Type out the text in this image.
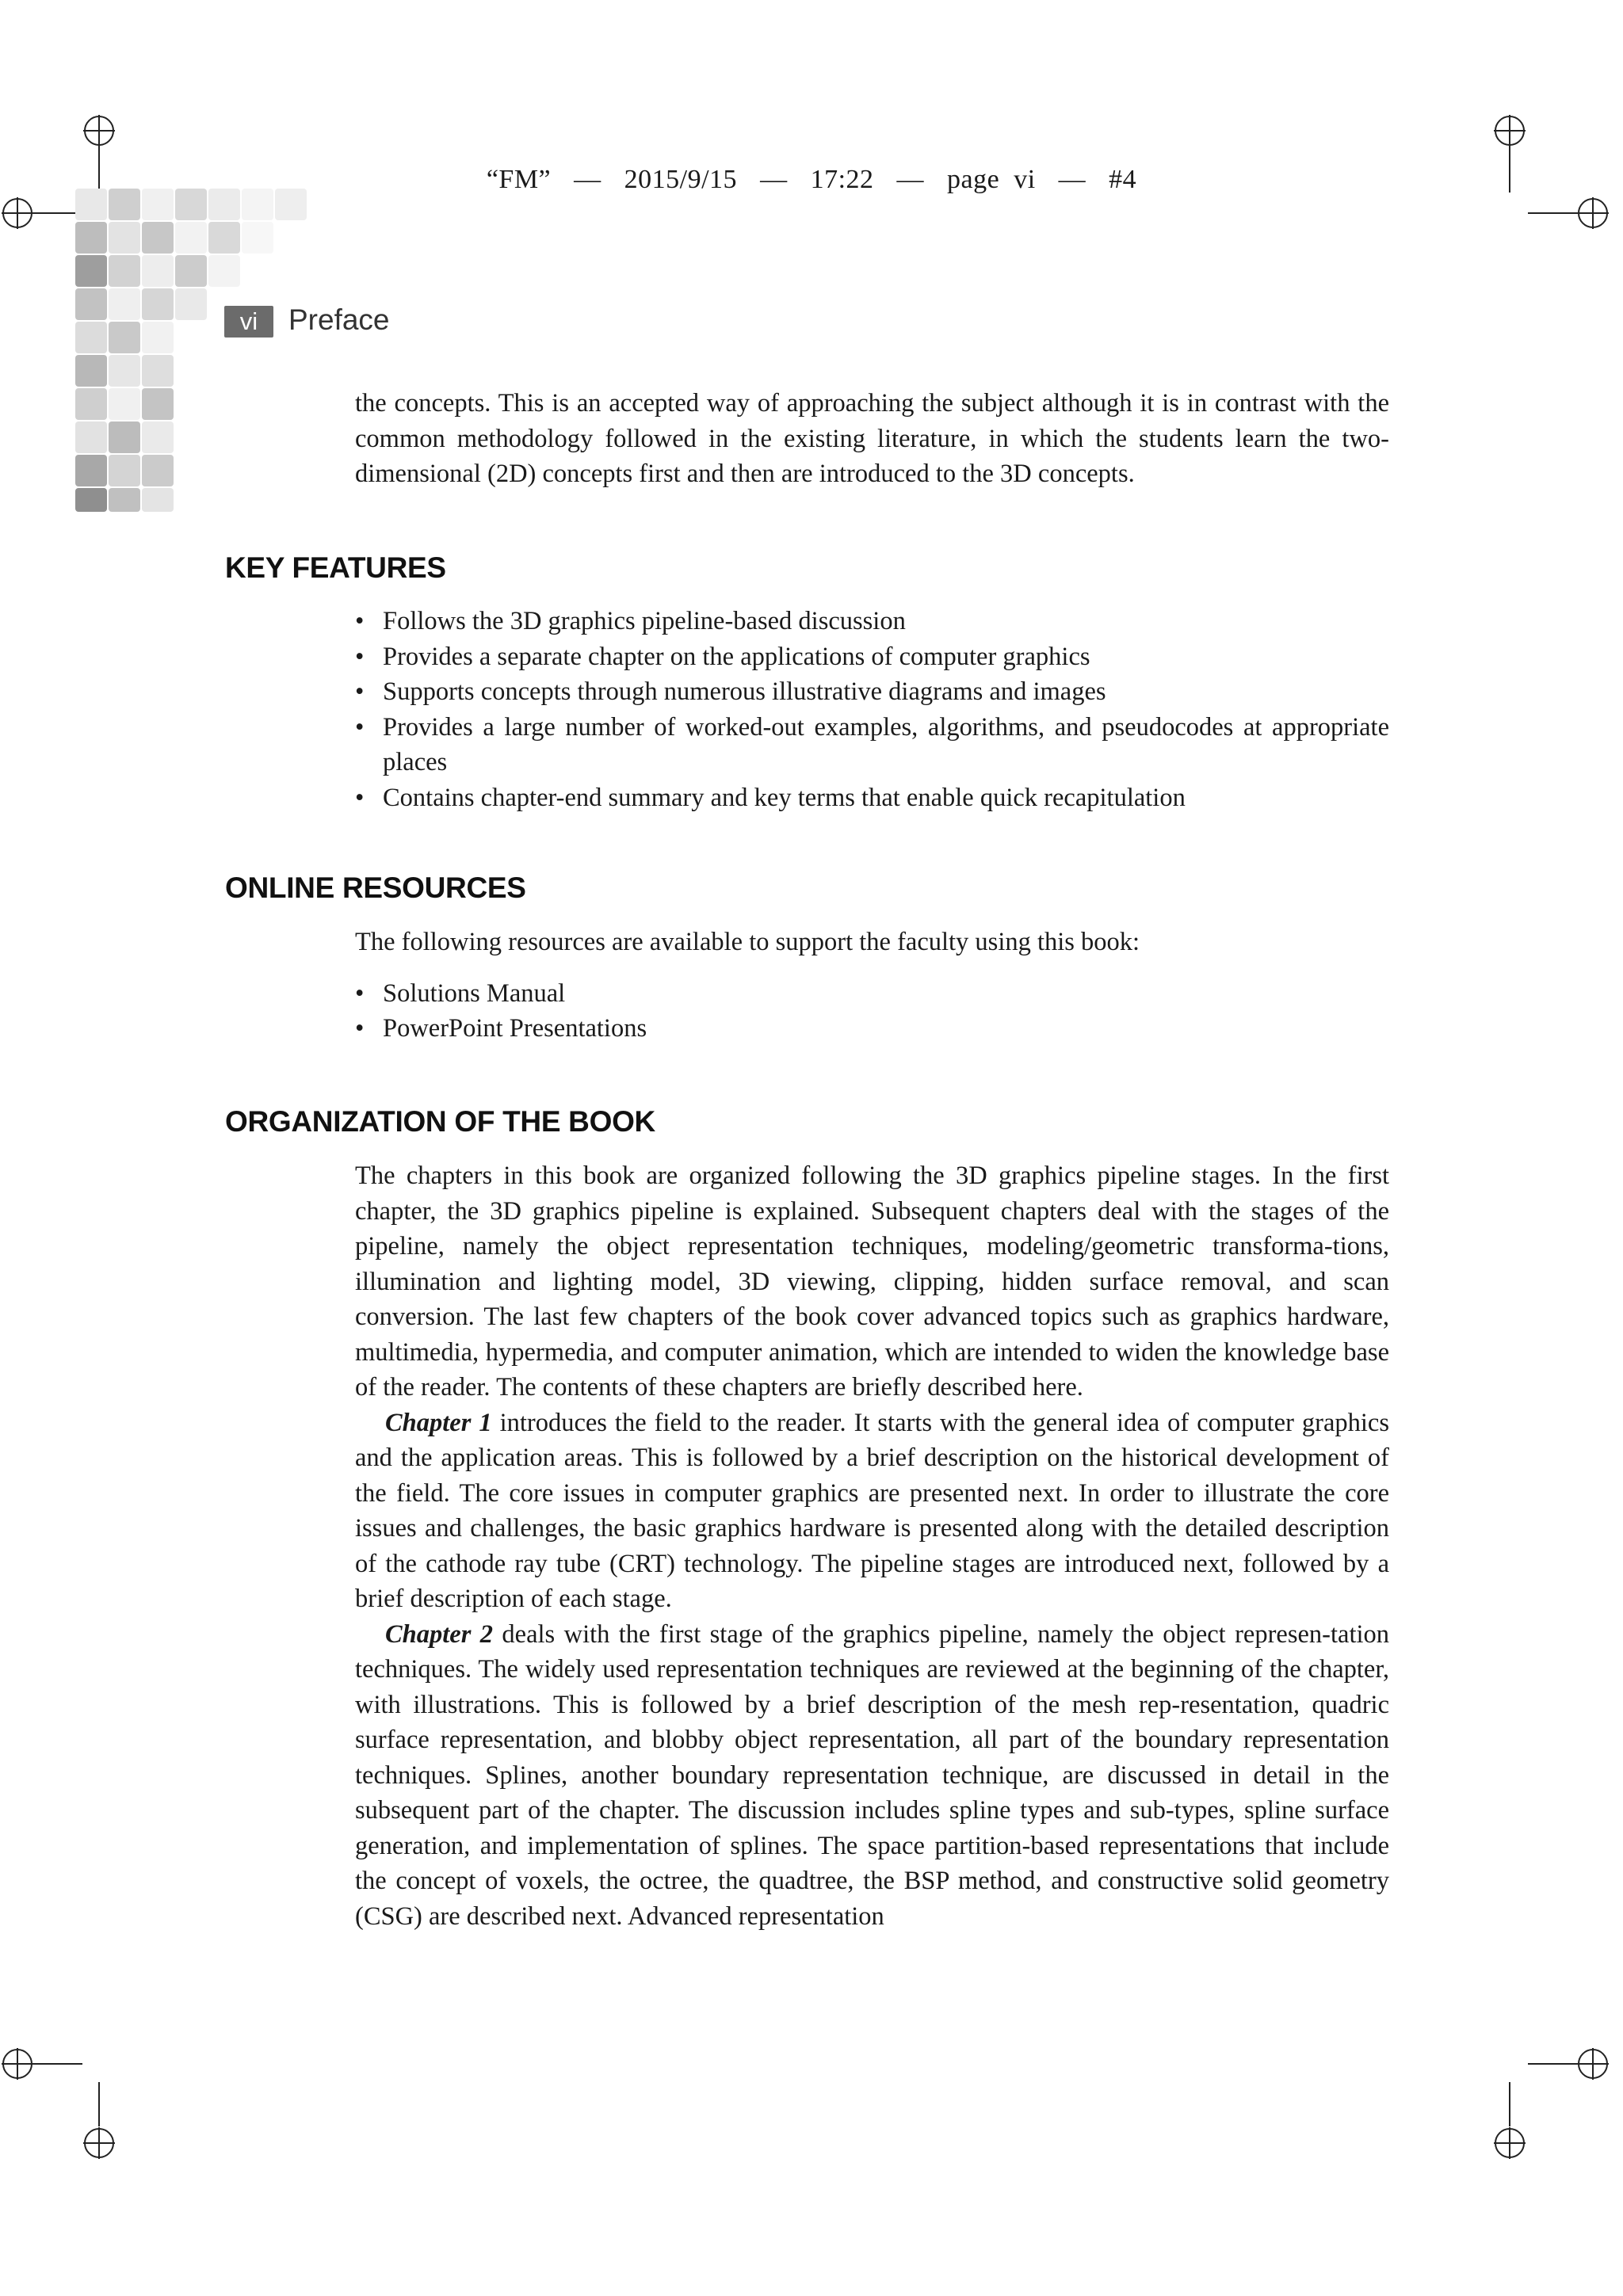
“FM” — 2015/9/15 — 17:22 — page  vi — #4
vi	Preface

the concepts. This is an accepted way of approaching the subject although it is in contrast with the common methodology followed in the existing literature, in which the students learn the two-dimensional (2D) concepts first and then are introduced to the 3D concepts.

KEY FEATURES
• Follows the 3D graphics pipeline-based discussion
• Provides a separate chapter on the applications of computer graphics
• Supports concepts through numerous illustrative diagrams and images
• Provides a large number of worked-out examples, algorithms, and pseudocodes at appropriate places
• Contains chapter-end summary and key terms that enable quick recapitulation
ONLINE RESOURCES

The following resources are available to support the faculty using this book:

• Solutions Manual
• PowerPoint Presentations
ORGANIZATION OF THE BOOK

The chapters in this book are organized following the 3D graphics pipeline stages. In the first chapter, the 3D graphics pipeline is explained. Subsequent chapters deal with the stages of the pipeline, namely the object representation techniques, modeling/geometric transforma-tions, illumination and lighting model, 3D viewing, clipping, hidden surface removal, and scan conversion. The last few chapters of the book cover advanced topics such as graphics hardware, multimedia, hypermedia, and computer animation, which are intended to widen the knowledge base of the reader. The contents of these chapters are briefly described here.

Chapter 1 introduces the field to the reader. It starts with the general idea of computer graphics and the application areas. This is followed by a brief description on the historical development of the field. The core issues in computer graphics are presented next. In order to illustrate the core issues and challenges, the basic graphics hardware is presented along with the detailed description of the cathode ray tube (CRT) technology. The pipeline stages are introduced next, followed by a brief description of each stage.

Chapter 2 deals with the first stage of the graphics pipeline, namely the object represen-tation techniques. The widely used representation techniques are reviewed at the beginning of the chapter, with illustrations. This is followed by a brief description of the mesh rep-resentation, quadric surface representation, and blobby object representation, all part of the boundary representation techniques. Splines, another boundary representation technique, are discussed in detail in the subsequent part of the chapter. The discussion includes spline types and sub-types, spline surface generation, and implementation of splines. The space partition-based representations that include the concept of voxels, the octree, the quadtree, the BSP method, and constructive solid geometry (CSG) are described next. Advanced representation
